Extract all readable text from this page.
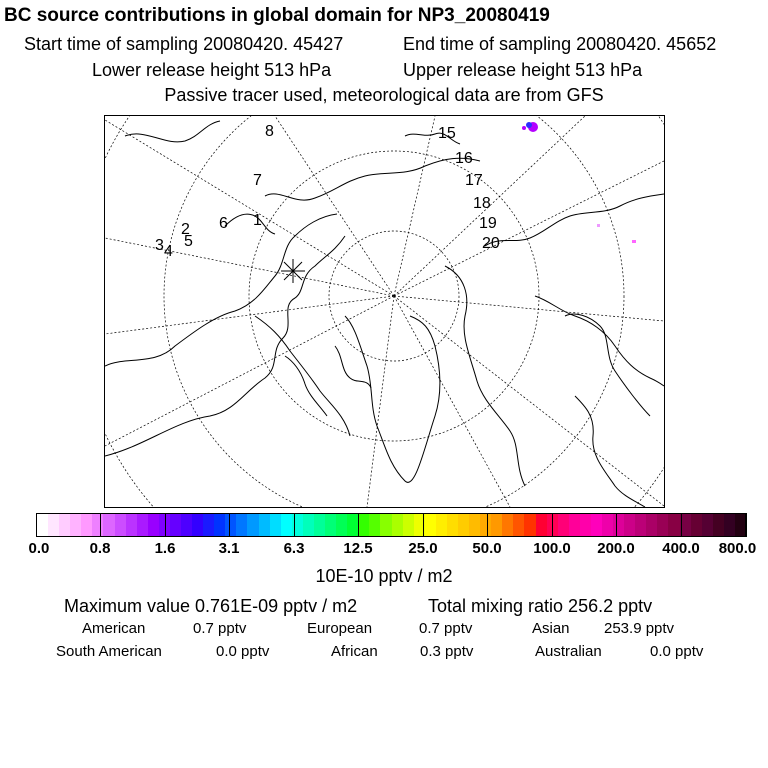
BC source contributions in global domain for NP3_20080419
Start time of sampling 20080420. 45427	End time of sampling 20080420. 45652
Lower release height 513 hPa	Upper release height 513 hPa
Passive tracer used, meteorological data are from GFS
8
7
6 1
2
5
3 4
15
16
17
18
19
20
0.0	0.8	1.6	3.1	6.3	12.5 25.0 50.0 100.0 200.0 400.0 800.0
10E-10 pptv / m2
Maximum value 0.761E-09 pptv / m2	Total mixing ratio 256.2 pptv
American	0.7 pptv	European	0.7 pptv	Asian 253.9 pptv
South American	0.0 pptv	African	0.3 pptv	Australian	0.0 pptv
